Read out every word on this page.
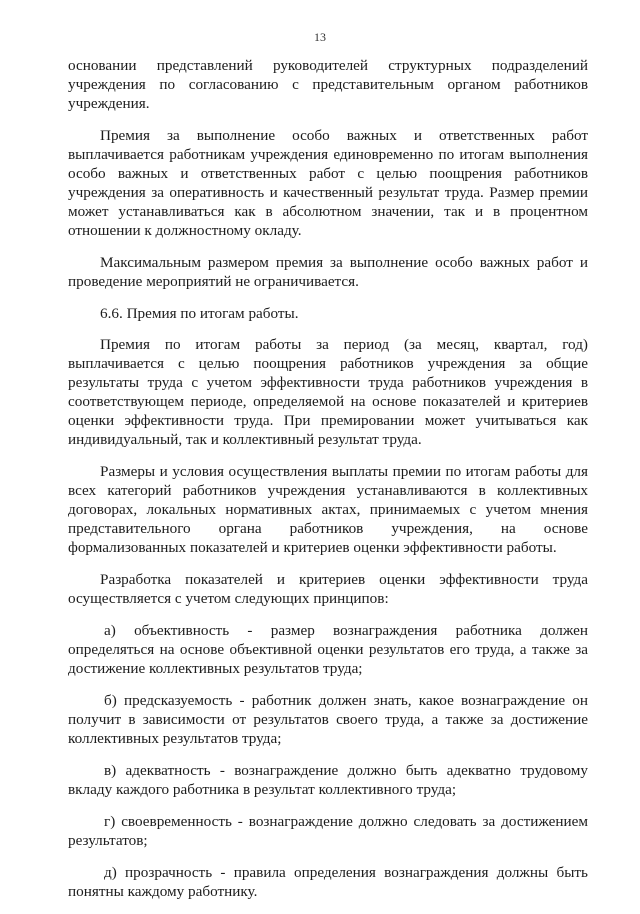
13

основании представлений руководителей структурных подразделений учреждения по согласованию с представительным органом работников учреждения.

Премия за выполнение особо важных и ответственных работ выплачивается работникам учреждения единовременно по итогам выполнения особо важных и ответственных работ с целью поощрения работников учреждения за оперативность и качественный результат труда. Размер премии может устанавливаться как в абсолютном значении, так и в процентном отношении к должностному окладу.

Максимальным размером премия за выполнение особо важных работ и проведение мероприятий не ограничивается.

6.6. Премия по итогам работы.

Премия по итогам работы за период (за месяц, квартал, год) выплачивается с целью поощрения работников учреждения за общие результаты труда с учетом эффективности труда работников учреждения в соответствующем периоде, определяемой на основе показателей и критериев оценки эффективности труда. При премировании может учитываться как индивидуальный, так и коллективный результат труда.

Размеры и условия осуществления выплаты премии по итогам работы для всех категорий работников учреждения устанавливаются в коллективных договорах, локальных нормативных актах, принимаемых с учетом мнения представительного органа работников учреждения, на основе формализованных показателей и критериев оценки эффективности работы.

Разработка показателей и критериев оценки эффективности труда осуществляется с учетом следующих принципов:

а) объективность - размер вознаграждения работника должен определяться на основе объективной оценки результатов его труда, а также за достижение коллективных результатов труда;

б) предсказуемость - работник должен знать, какое вознаграждение он получит в зависимости от результатов своего труда, а также за достижение коллективных результатов труда;

в) адекватность - вознаграждение должно быть адекватно трудовому вкладу каждого работника в результат коллективного труда;

г) своевременность - вознаграждение должно следовать за достижением результатов;

д) прозрачность - правила определения вознаграждения должны быть понятны каждому работнику.
